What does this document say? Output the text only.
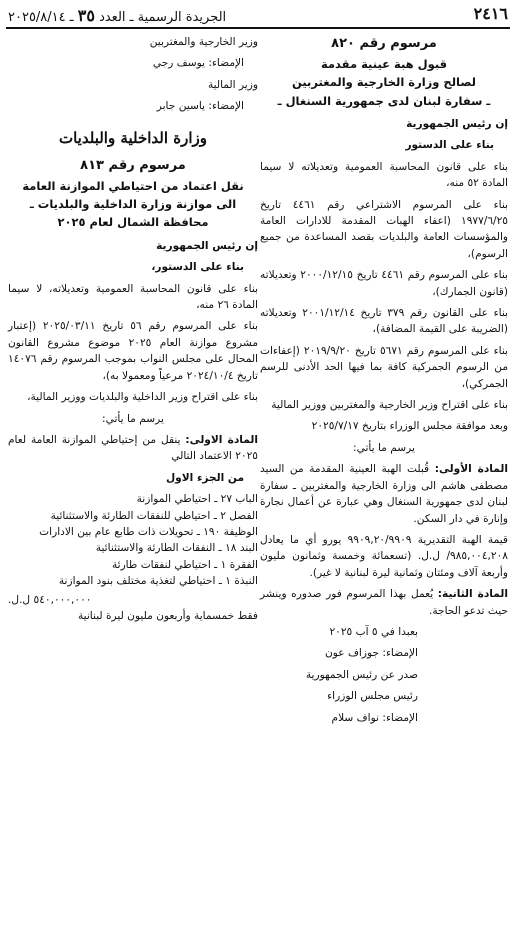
٢٤١٦
الجريدة الرسمية ـ العدد ٣٥ ـ ٢٠٢٥/٨/١٤

مرسوم رقم ٨٢٠

قبول هبة عينية مقدمة

لصالح وزارة الخارجية والمغتربين

ـ سفارة لبنان لدى جمهورية السنغال ـ

إن رئيس الجمهورية

بناء على الدستور

بناء على قانون المحاسبة العمومية وتعديلاته لا سيما المادة ٥٢ منه،

بناء على المرسوم الاشتراعي رقم ٤٤٦١ تاريخ ١٩٧٧/٦/٢٥ (اعفاء الهبات المقدمة للادارات العامة والمؤسسات العامة والبلديات بقصد المساعدة من جميع الرسوم)،

بناء على المرسوم رقم ٤٤٦١ تاريخ ٢٠٠٠/١٢/١٥ وتعديلاته (قانون الجمارك)،

بناء على القانون رقم ٣٧٩ تاريخ ٢٠٠١/١٢/١٤ وتعديلاته (الضريبة على القيمة المضافة)،

بناء على المرسوم رقم ٥٦٧١ تاريخ ٢٠١٩/٩/٢٠ (إعفاءات من الرسوم الجمركية كافة بما فيها الحد الأدنى للرسم الجمركي)،

بناء على اقتراح وزير الخارجية والمغتربين ووزير المالية

وبعد موافقة مجلس الوزراء بتاريخ ٢٠٢٥/٧/١٧

يرسم ما يأتي:

المادة الأولى: قُبلت الهبة العينية المقدمة من السيد مصطفى هاشم الى وزارة الخارجية والمغتربين ـ سفارة لبنان لدى جمهورية السنغال وهي عبارة عن أعمال نجارة وإنارة في دار السكن.

قيمة الهبة التقديرية ٩٩٠٩,٢٠/٩٩٠٩ يورو أي ما يعادل ٩٨٥,٠٠٤,٢٠٨/ ل.ل. (تسعمائة وخمسة وثمانون مليون وأربعة آلاف ومئتان وثمانية ليرة لبنانية لا غير).

المادة الثانية: يُعمل بهذا المرسوم فور صدوره وينشر حيث تدعو الحاجة.

بعبدا في ٥ آب ٢٠٢٥

الإمضاء: جوزاف عون

صدر عن رئيس الجمهورية

رئيس مجلس الوزراء

الإمضاء: نواف سلام

وزير الخارجية والمغتربين

الإمضاء: يوسف رجي

وزير المالية

الإمضاء: ياسين جابر

وزارة الداخلية والبلديات

مرسوم رقم ٨١٣

نقل اعتماد من احتياطي الموازنة العامة

الى موازنة وزارة الداخلية والبلديات ـ

محافظة الشمال لعام ٢٠٢٥

إن رئيس الجمهورية

بناء على الدستور،

بناء على قانون المحاسبة العمومية وتعديلاته، لا سيما المادة ٢٦ منه،

بناء على المرسوم رقم ٥٦ تاريخ ٢٠٢٥/٠٣/١١ (إعتبار مشروع موازنة العام ٢٠٢٥ موضوع مشروع القانون المحال على مجلس النواب بموجب المرسوم رقم ١٤٠٧٦ تاريخ ٢٠٢٤/١٠/٤ مرعياً ومعمولا به)،

بناء على اقتراح وزير الداخلية والبلديات ووزير المالية،

يرسم ما يأتي:

المادة الاولى: ينقل من إحتياطي الموازنة العامة لعام ٢٠٢٥ الاعتماد التالي

من الجزء الاول

الباب ٢٧ ـ احتياطي الموازنة

الفصل ٢ ـ احتياطي للنفقات الطارئة والاستثنائية

الوظيفة ١٩٠ ـ تحويلات ذات طابع عام بين الادارات

البند ١٨ ـ النفقات الطارئة والاستثنائية

الفقرة ١ ـ احتياطي لنفقات طارئة

النبذة ١ ـ احتياطي لتغذية مختلف بنود الموازنة

٥٤٠,٠٠٠,٠٠٠ ل.ل.

فقط خمسماية وأربعون مليون ليرة لبنانية
